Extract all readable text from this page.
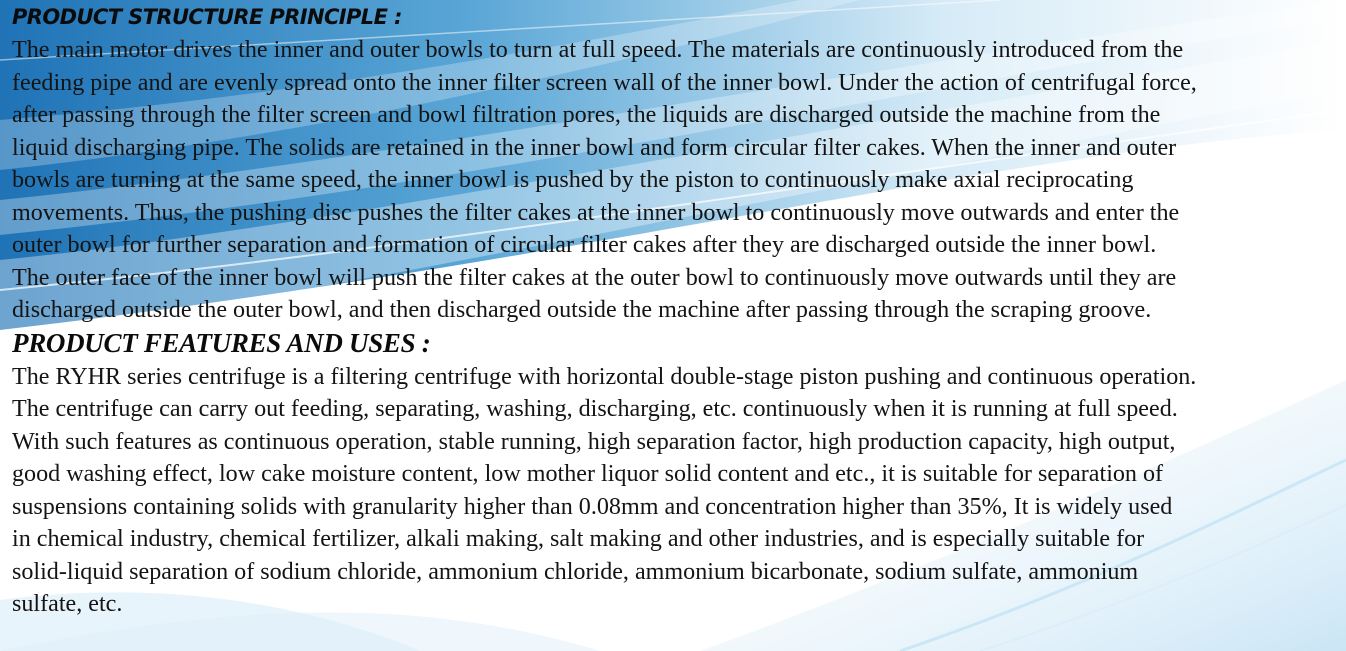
PRODUCT STRUCTURE PRINCIPLE :
The main motor drives the inner and outer bowls to turn at full speed. The materials are continuously introduced from the
feeding pipe and are evenly spread onto the inner filter screen wall of the inner bowl. Under the action of centrifugal force,
after passing through the filter screen and bowl filtration pores, the liquids are discharged outside the machine from the
liquid discharging pipe. The solids are retained in the inner bowl and form circular filter cakes. When the inner and outer
bowls are turning at the same speed, the inner bowl is pushed by the piston to continuously make axial reciprocating
movements. Thus, the pushing disc pushes the filter cakes at the inner bowl to continuously move outwards and enter the
outer bowl for further separation and formation of circular filter cakes after they are discharged outside the inner bowl.
The outer face of the inner bowl will push the filter cakes at the outer bowl to continuously move outwards until they are
discharged outside the outer bowl, and then discharged outside the machine after passing through the scraping groove.
PRODUCT FEATURES AND USES :
The RYHR series centrifuge is a filtering centrifuge with horizontal double-stage piston pushing and continuous operation.
The centrifuge can carry out feeding, separating, washing, discharging, etc. continuously when it is running at full speed.
With such features as continuous operation, stable running, high separation factor, high production capacity, high output,
good washing effect, low cake moisture content, low mother liquor solid content and etc., it is suitable for separation of
suspensions containing solids with granularity higher than 0.08mm and concentration higher than 35%, It is widely used
in chemical industry, chemical fertilizer, alkali making, salt making and other industries, and is especially suitable for
solid-liquid separation of sodium chloride, ammonium chloride, ammonium bicarbonate, sodium sulfate, ammonium
sulfate, etc.
